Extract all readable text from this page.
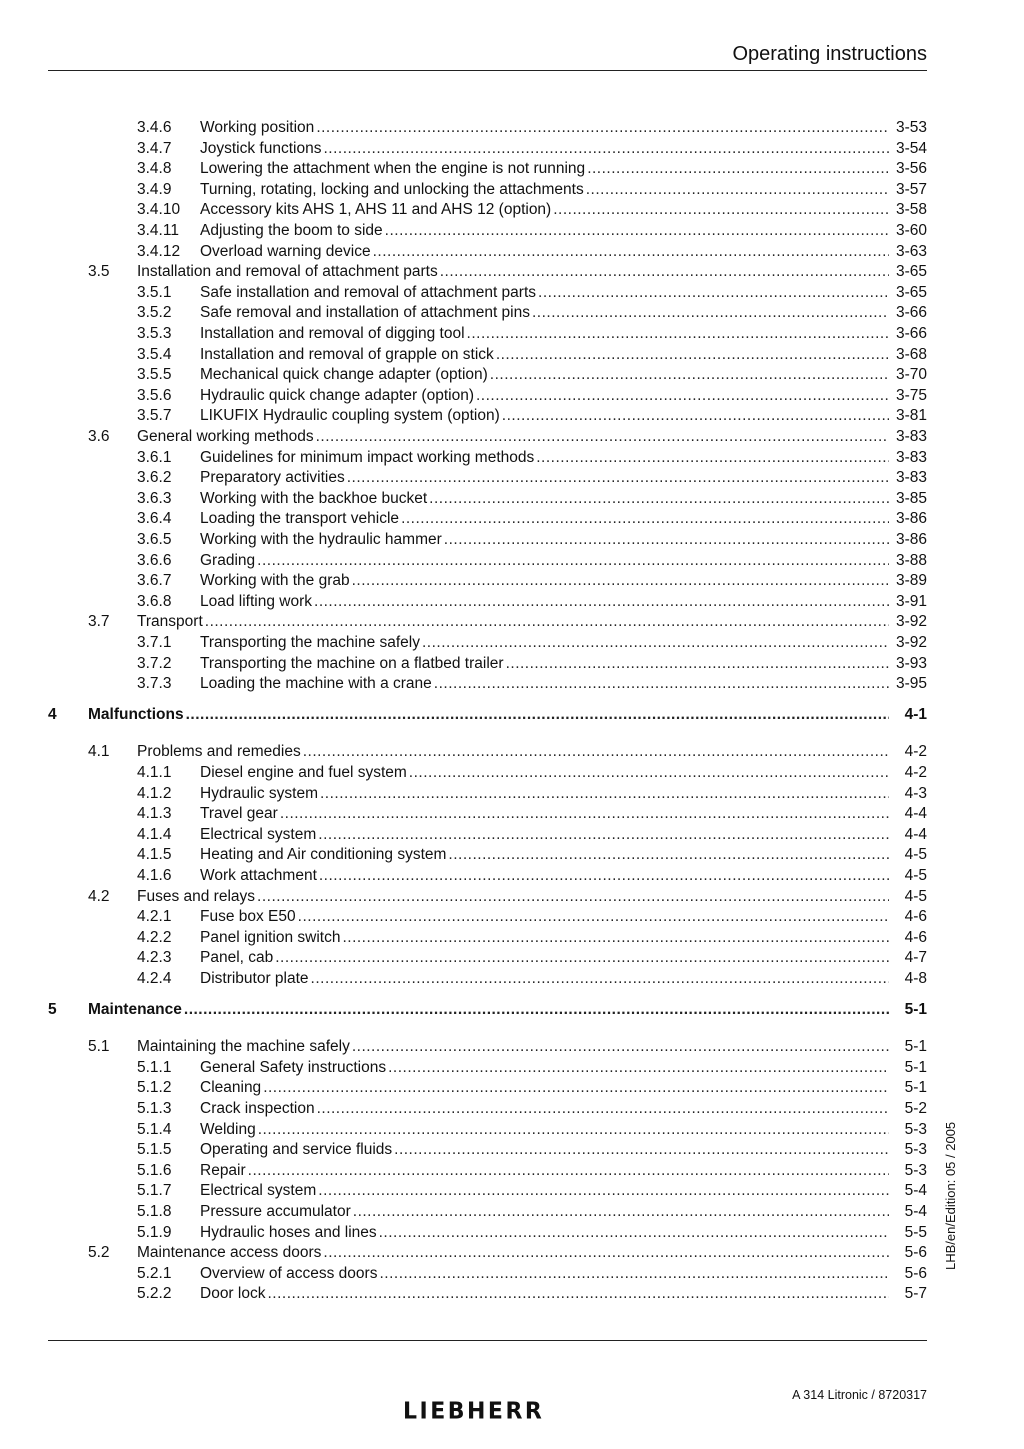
Operating instructions
3.4.6 Working position .....	3-53
3.4.7 Joystick functions .....	3-54
3.4.8 Lowering the attachment when the engine is not running .....	3-56
3.4.9 Turning, rotating, locking and unlocking the attachments .....	3-57
3.4.10 Accessory kits AHS 1, AHS 11 and AHS 12 (option) .....	3-58
3.4.11 Adjusting the boom to side .....	3-60
3.4.12 Overload warning device .....	3-63
3.5 Installation and removal of attachment parts .....	3-65
3.5.1 Safe installation and removal of attachment parts .....	3-65
3.5.2 Safe removal and installation of attachment pins .....	3-66
3.5.3 Installation and removal of digging tool .....	3-66
3.5.4 Installation and removal of grapple on stick .....	3-68
3.5.5 Mechanical quick change adapter (option) .....	3-70
3.5.6 Hydraulic quick change adapter (option) .....	3-75
3.5.7 LIKUFIX Hydraulic coupling system (option) .....	3-81
3.6 General working methods .....	3-83
3.6.1 Guidelines for minimum impact working methods .....	3-83
3.6.2 Preparatory activities .....	3-83
3.6.3 Working with the backhoe bucket .....	3-85
3.6.4 Loading the transport vehicle .....	3-86
3.6.5 Working with the hydraulic hammer .....	3-86
3.6.6 Grading .....	3-88
3.6.7 Working with the grab .....	3-89
3.6.8 Load lifting work .....	3-91
3.7 Transport .....	3-92
3.7.1 Transporting the machine safely .....	3-92
3.7.2 Transporting the machine on a flatbed trailer .....	3-93
3.7.3 Loading the machine with a crane .....	3-95
4 Malfunctions .....	4-1
4.1 Problems and remedies .....	4-2
4.1.1 Diesel engine and fuel system .....	4-2
4.1.2 Hydraulic system .....	4-3
4.1.3 Travel gear .....	4-4
4.1.4 Electrical system .....	4-4
4.1.5 Heating and Air conditioning system .....	4-5
4.1.6 Work attachment .....	4-5
4.2 Fuses and relays .....	4-5
4.2.1 Fuse box E50 .....	4-6
4.2.2 Panel ignition switch .....	4-6
4.2.3 Panel, cab .....	4-7
4.2.4 Distributor plate .....	4-8
5 Maintenance .....	5-1
5.1 Maintaining the machine safely .....	5-1
5.1.1 General Safety instructions .....	5-1
5.1.2 Cleaning .....	5-1
5.1.3 Crack inspection .....	5-2
5.1.4 Welding .....	5-3
5.1.5 Operating and service fluids .....	5-3
5.1.6 Repair .....	5-3
5.1.7 Electrical system .....	5-4
5.1.8 Pressure accumulator .....	5-4
5.1.9 Hydraulic hoses and lines .....	5-5
5.2 Maintenance access doors .....	5-6
5.2.1 Overview of access doors .....	5-6
5.2.2 Door lock .....	5-7
LHB/en/Edition: 05 / 2005
A 314 Litronic / 8720317
LIEBHERR
